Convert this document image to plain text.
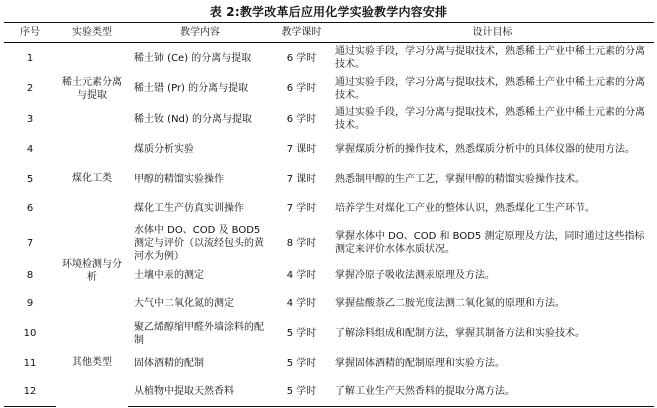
表 2:教学改革后应用化学实验教学内容安排
序号	实验类型	教学内容	教学课时	设计目标
1	稀土元素分离与提取	稀土铈 (Ce) 的分离与提取	6 学时	通过实验手段，学习分离与提取技术，熟悉稀土产业中稀土元素的分离技术。
2		稀土镨 (Pr) 的分离与提取	6 学时	通过实验手段，学习分离与提取技术，熟悉稀土产业中稀土元素的分离技术。
3		稀土钕 (Nd) 的分离与提取	6 学时	通过实验手段，学习分离与提取技术，熟悉稀土产业中稀土元素的分离技术。
4	煤化工类	煤质分析实验	7 课时	掌握煤质分析的操作技术，熟悉煤质分析中的具体仪器的使用方法。
5		甲醇的精馏实验操作	7 课时	熟悉制甲醇的生产工艺，掌握甲醇的精馏实验操作技术。
6		煤化工生产仿真实训操作	7 学时	培养学生对煤化工产业的整体认识，熟悉煤化工生产环节。
7	环境检测与分析	水体中 DO、COD 及 BOD5 测定与评价（以流经包头的黄河水为例）	8 学时	掌握水体中 DO、COD 和 BOD5 测定原理及方法，同时通过这些指标测定来评价水体水质状况。
8		土壤中汞的测定	4 学时	掌握冷原子吸收法测汞原理及方法。
9		大气中二氧化氮的测定	4 学时	掌握盐酸萘乙二胺光度法测二氧化氮的原理和方法。
10	其他类型	聚乙烯醇缩甲醛外墙涂料的配制	5 学时	了解涂料组成和配制方法，掌握其制备方法和实验技术。
11		固体酒精的配制	5 学时	掌握固体酒精的配制原理和实验方法。
12		从植物中提取天然香料	5 学时	了解工业生产天然香料的提取分离方法。
